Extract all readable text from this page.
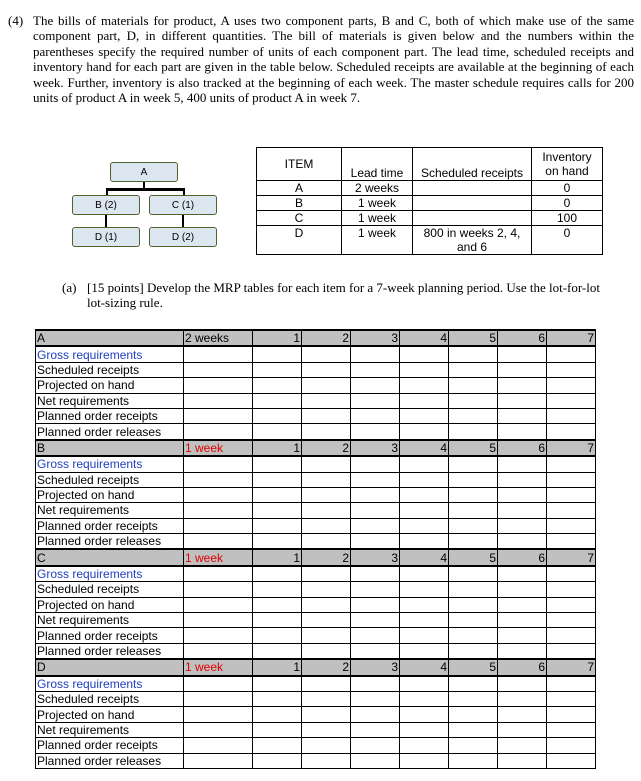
(4) The bills of materials for product, A uses two component parts, B and C, both of which make use of the same component part, D, in different quantities. The bill of materials is given below and the numbers within the parentheses specify the required number of units of each component part. The lead time, scheduled receipts and inventory hand for each part are given in the table below. Scheduled receipts are available at the beginning of each week. Further, inventory is also tracked at the beginning of each week. The master schedule requires calls for 200 units of product A in week 5, 400 units of product A in week 7.
A
B (2)	C (1)
D (1)	D (2)
ITEM	Lead time	Scheduled receipts	Inventory on hand
A	2 weeks		0
B	1 week		0
C	1 week		100
D	1 week	800 in weeks 2, 4, and 6	0
(a) [15 points] Develop the MRP tables for each item for a 7-week planning period. Use the lot-for-lot lot-sizing rule.
A	2 weeks	1	2	3	4	5	6	7
Gross requirements								
Scheduled receipts								
Projected on hand								
Net requirements								
Planned order receipts								
Planned order releases								
B	1 week	1	2	3	4	5	6	7
Gross requirements								
Scheduled receipts								
Projected on hand								
Net requirements								
Planned order receipts								
Planned order releases								
C	1 week	1	2	3	4	5	6	7
Gross requirements								
Scheduled receipts								
Projected on hand								
Net requirements								
Planned order receipts								
Planned order releases								
D	1 week	1	2	3	4	5	6	7
Gross requirements								
Scheduled receipts								
Projected on hand								
Net requirements								
Planned order receipts								
Planned order releases								
